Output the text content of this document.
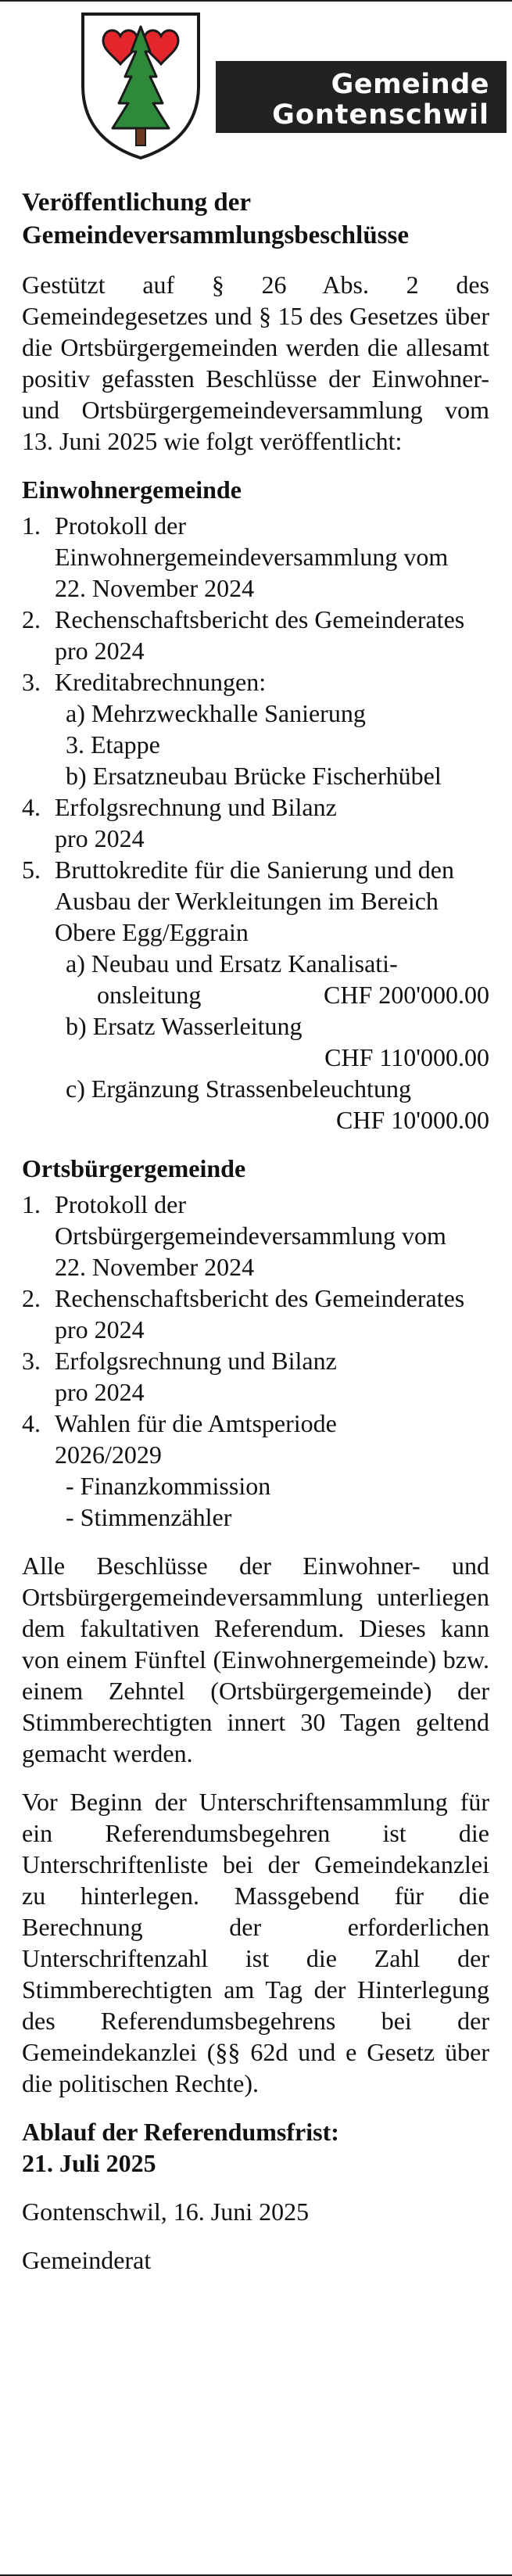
Gemeinde
Gontenschwil
Veröffentlichung der Gemeindeversammlungsbeschlüsse

Gestützt auf § 26 Abs. 2 des Gemeindegesetzes und § 15 des Gesetzes über die Ortsbürgergemeinden werden die allesamt positiv gefassten Beschlüsse der Einwohner- und Ortsbürgergemeindeversammlung vom 13. Juni 2025 wie folgt veröffentlicht:

Einwohnergemeinde
1. Protokoll der Einwohnergemeindeversammlung vom
22. November 2024
2. Rechenschaftsbericht des Gemeinderates pro 2024
3. Kreditabrechnungen:
a) Mehrzweckhalle Sanierung
3. Etappe
b) Ersatzneubau Brücke Fischerhübel
4. Erfolgsrechnung und Bilanz
pro 2024
5. Bruttokredite für die Sanierung und den Ausbau der Werkleitungen im Bereich Obere Egg/Eggrain
a) Neubau und Ersatz Kanalisati-
onsleitung	CHF 200'000.00
b) Ersatz Wasserleitung
CHF 110'000.00
c) Ergänzung Strassenbeleuchtung
CHF 10'000.00
Ortsbürgergemeinde
1. Protokoll der Ortsbürgergemeindeversammlung vom
22. November 2024
2. Rechenschaftsbericht des Gemeinderates pro 2024
3. Erfolgsrechnung und Bilanz
pro 2024
4. Wahlen für die Amtsperiode
2026/2029
- Finanzkommission
- Stimmenzähler

Alle Beschlüsse der Einwohner- und Ortsbürgergemeindeversammlung unterliegen dem fakultativen Referendum. Dieses kann von einem Fünftel (Einwohnergemeinde) bzw. einem Zehntel (Ortsbürgergemeinde) der Stimmberechtigten innert 30 Tagen geltend gemacht werden.

Vor Beginn der Unterschriftensammlung für ein Referendumsbegehren ist die Unterschriftenliste bei der Gemeindekanzlei zu hinterlegen. Massgebend für die Berechnung der erforderlichen Unterschriftenzahl ist die Zahl der Stimmberechtigten am Tag der Hinterlegung des Referendumsbegehrens bei der Gemeindekanzlei (§§ 62d und e Gesetz über die politischen Rechte).

Ablauf der Referendumsfrist:
21. Juli 2025

Gontenschwil, 16. Juni 2025

Gemeinderat
